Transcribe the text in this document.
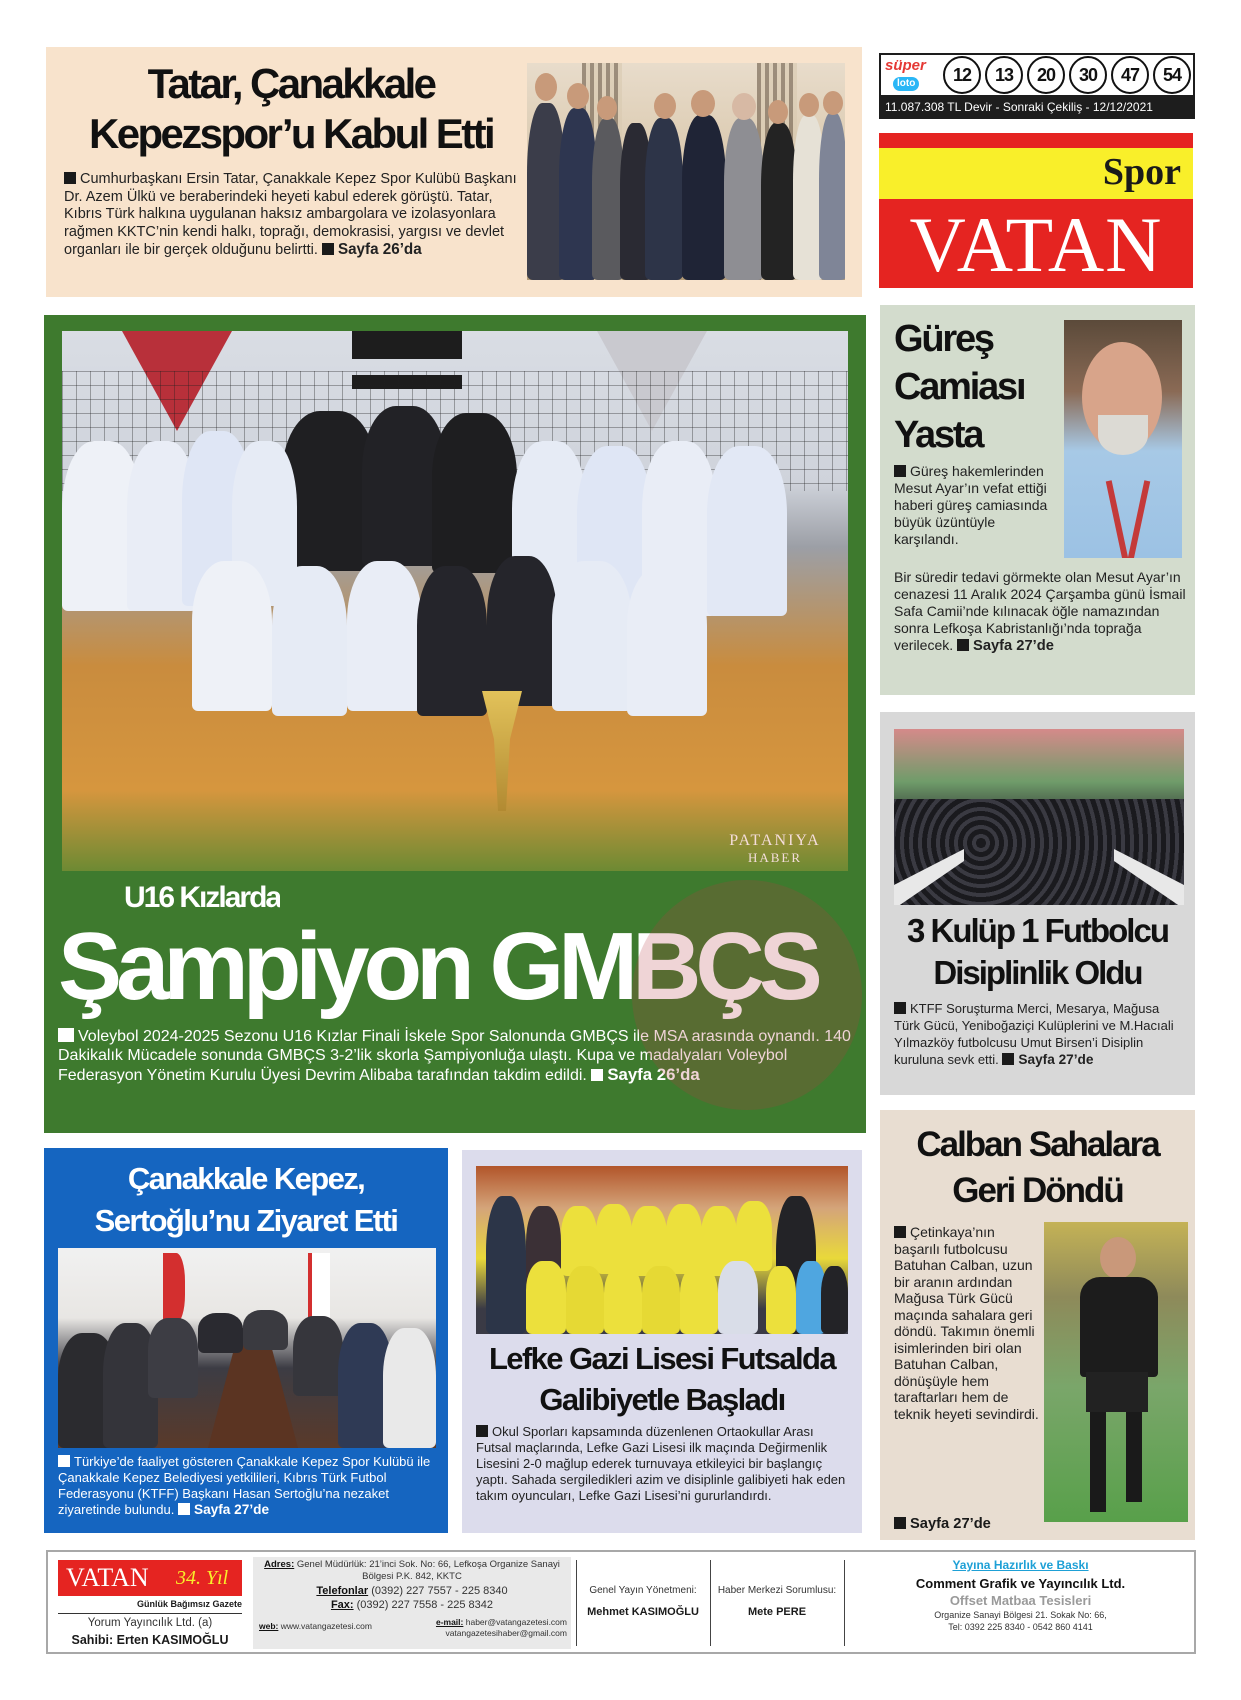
Tatar, Çanakkale
Kepezspor’u Kabul Etti

Cumhurbaşkanı Ersin Tatar, Çanakkale Kepez Spor Kulübü Başkanı Dr. Azem Ülkü ve beraberindeki heyeti kabul ederek görüştü. Tatar, Kıbrıs Türk halkına uygulanan haksız ambargolara ve izolasyonlara rağmen KKTC’nin kendi halkı, toprağı, demokrasisi, yargısı ve devlet organları ile bir gerçek olduğunu belirtti. Sayfa 26’da

süper
loto	12	13	20	30	47	54
11.087.308 TL Devir - Sonraki Çekiliş - 12/12/2021
Spor
VATAN
U16 Kızlarda
Şampiyon GMBÇS

Voleybol 2024-2025 Sezonu U16 Kızlar Finali İskele Spor Salonunda GMBÇS ile MSA arasında oynandı. 140 Dakikalık Mücadele sonunda GMBÇS 3-2’lik skorla Şampiyonluğa ulaştı. Kupa ve madalyaları Voleybol Federasyon Yönetim Kurulu Üyesi Devrim Alibaba tarafından takdim edildi. Sayfa 26’da

PATANIYA
HABER
Güreş
Camiası
Yasta

Güreş hakemlerinden Mesut Ayar’ın vefat ettiği haberi güreş camiasında büyük üzüntüyle karşılandı.

Bir süredir tedavi görmekte olan Mesut Ayar’ın cenazesi 11 Aralık 2024 Çarşamba günü İsmail Safa Camii’nde kılınacak öğle namazından sonra Lefkoşa Kabristanlığı’nda toprağa verilecek. Sayfa 27’de

3 Kulüp 1 Futbolcu
Disiplinlik Oldu

KTFF Soruşturma Merci, Mesarya, Mağusa Türk Gücü, Yeniboğaziçi Kulüplerini ve M.Hacıali Yılmazköy futbolcusu Umut Birsen’i Disiplin kuruluna sevk etti. Sayfa 27’de

Calban Sahalara
Geri Döndü

Çetinkaya’nın başarılı futbolcusu Batuhan Calban, uzun bir aranın ardından Mağusa Türk Gücü maçında sahalara geri döndü. Takımın önemli isimlerinden biri olan Batuhan Calban, dönüşüyle hem taraftarları hem de teknik heyeti sevindirdi.

Sayfa 27’de

Çanakkale Kepez,
Sertoğlu’nu Ziyaret Etti

Türkiye’de faaliyet gösteren Çanakkale Kepez Spor Kulübü ile Çanakkale Kepez Belediyesi yetkilileri, Kıbrıs Türk Futbol Federasyonu (KTFF) Başkanı Hasan Sertoğlu’na nezaket ziyaretinde bulundu. Sayfa 27’de

Lefke Gazi Lisesi Futsalda
Galibiyetle Başladı

Okul Sporları kapsamında düzenlenen Ortaokullar Arası Futsal maçlarında, Lefke Gazi Lisesi ilk maçında Değirmenlik Lisesini 2-0 mağlup ederek turnuvaya etkileyici bir başlangıç yaptı. Sahada sergiledikleri azim ve disiplinle galibiyeti hak eden takım oyuncuları, Lefke Gazi Lisesi’ni gururlandırdı.

VATAN 34. Yıl
Günlük Bağımsız Gazete
Yorum Yayıncılık Ltd. (a)
Sahibi: Erten KASIMOĞLU
Adres: Genel Müdürlük: 21’inci Sok. No: 66, Lefkoşa Organize Sanayi Bölgesi P.K. 842, KKTC
Telefonlar (0392) 227 7557 - 225 8340
Fax: (0392) 227 7558 - 225 8342
web: www.vatangazetesi.com	e-mail: haber@vatangazetesi.com
vatangazetesihaber@gmail.com
Genel Yayın Yönetmeni:
Mehmet KASIMOĞLU
Haber Merkezi Sorumlusu:
Mete PERE
Yayına Hazırlık ve Baskı
Comment Grafik ve Yayıncılık Ltd.
Offset Matbaa Tesisleri
Organize Sanayi Bölgesi 21. Sokak No: 66,
Tel: 0392 225 8340 - 0542 860 4141
